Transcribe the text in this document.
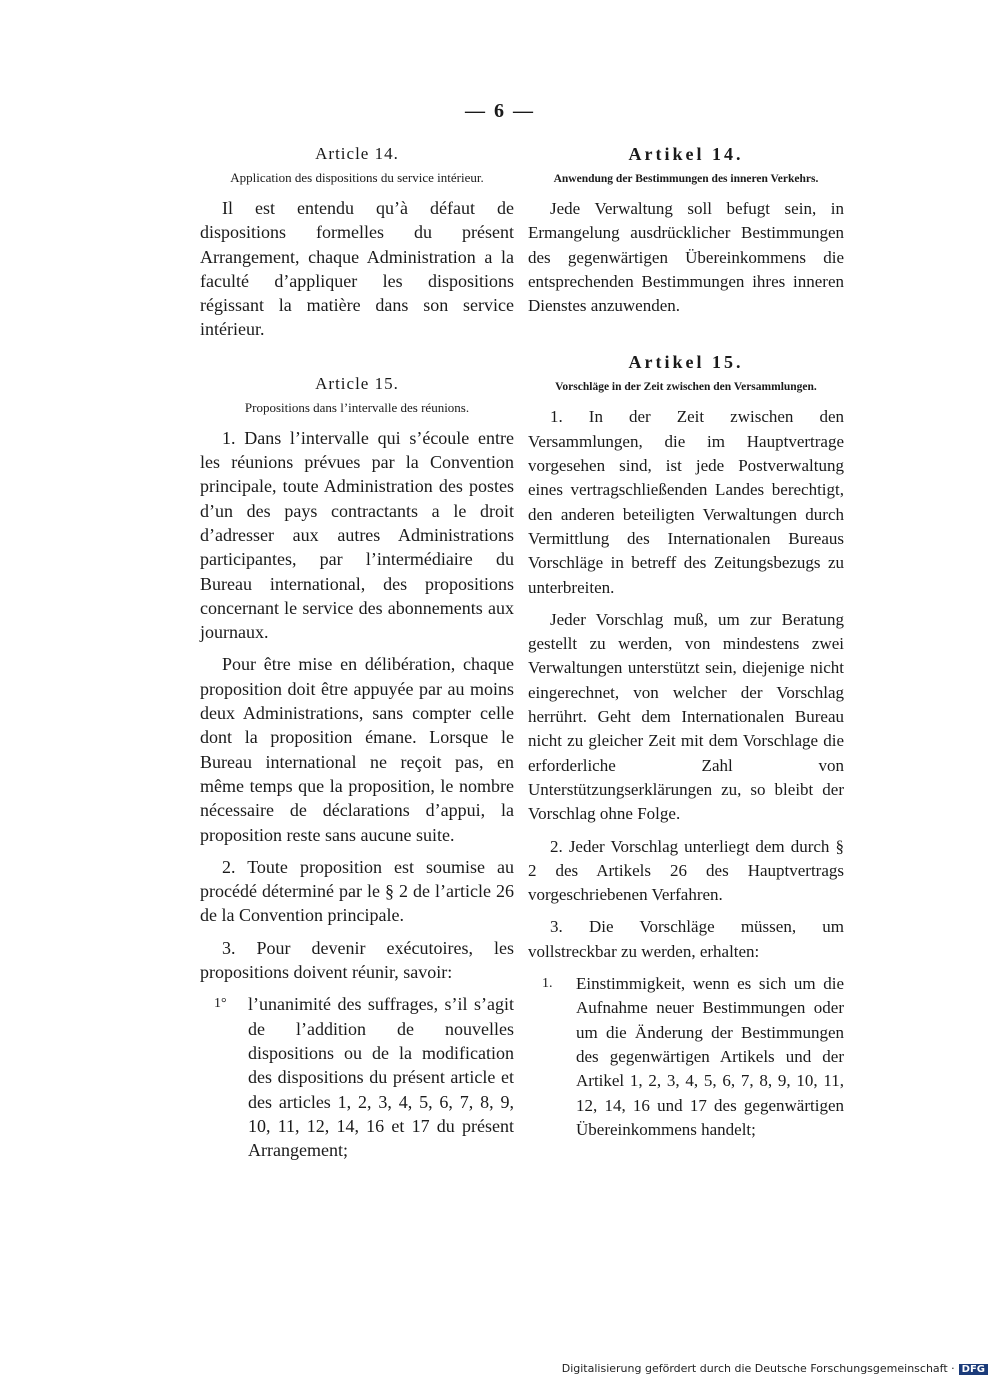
— 6 —
Article 14.
Application des dispositions du service intérieur.

Il est entendu qu’à défaut de dispositions formelles du présent Arrangement, chaque Administration a la faculté d’appliquer les dispositions régissant la matière dans son service intérieur.

Article 15.
Propositions dans l’intervalle des réunions.

1. Dans l’intervalle qui s’écoule entre les réunions prévues par la Convention principale, toute Administration des postes d’un des pays contractants a le droit d’adresser aux autres Administrations participantes, par l’intermédiaire du Bureau international, des propositions concernant le service des abonnements aux journaux.

Pour être mise en délibération, chaque proposition doit être appuyée par au moins deux Administrations, sans compter celle dont la proposition émane. Lorsque le Bureau international ne reçoit pas, en même temps que la proposition, le nombre nécessaire de déclarations d’appui, la proposition reste sans aucune suite.

2. Toute proposition est soumise au procédé déterminé par le § 2 de l’article 26 de la Convention principale.

3. Pour devenir exécutoires, les propositions doivent réunir, savoir:

1° l’unanimité des suffrages, s’il s’agit de l’addition de nouvelles dispositions ou de la modification des dispositions du présent article et des articles 1, 2, 3, 4, 5, 6, 7, 8, 9, 10, 11, 12, 14, 16 et 17 du présent Arrangement;
Artikel 14.
Anwendung der Bestimmungen des inneren Verkehrs.

Jede Verwaltung soll befugt sein, in Ermangelung ausdrücklicher Bestimmungen des gegenwärtigen Übereinkommens die entsprechenden Bestimmungen ihres inneren Dienstes anzuwenden.

Artikel 15.
Vorschläge in der Zeit zwischen den Versammlungen.

1. In der Zeit zwischen den Versammlungen, die im Hauptvertrage vorgesehen sind, ist jede Postverwaltung eines vertragschließenden Landes berechtigt, den anderen beteiligten Verwaltungen durch Vermittlung des Internationalen Bureaus Vorschläge in betreff des Zeitungsbezugs zu unterbreiten.

Jeder Vorschlag muß, um zur Beratung gestellt zu werden, von mindestens zwei Verwaltungen unterstützt sein, diejenige nicht eingerechnet, von welcher der Vorschlag herrührt. Geht dem Internationalen Bureau nicht zu gleicher Zeit mit dem Vorschlage die erforderliche Zahl von Unterstützungserklärungen zu, so bleibt der Vorschlag ohne Folge.

2. Jeder Vorschlag unterliegt dem durch § 2 des Artikels 26 des Hauptvertrags vorgeschriebenen Verfahren.

3. Die Vorschläge müssen, um vollstreckbar zu werden, erhalten:

1. Einstimmigkeit, wenn es sich um die Aufnahme neuer Bestimmungen oder um die Änderung der Bestimmungen des gegenwärtigen Artikels und der Artikel 1, 2, 3, 4, 5, 6, 7, 8, 9, 10, 11, 12, 14, 16 und 17 des gegenwärtigen Übereinkommens handelt;
Digitalisierung gefördert durch die Deutsche Forschungsgemeinschaft · DFG
